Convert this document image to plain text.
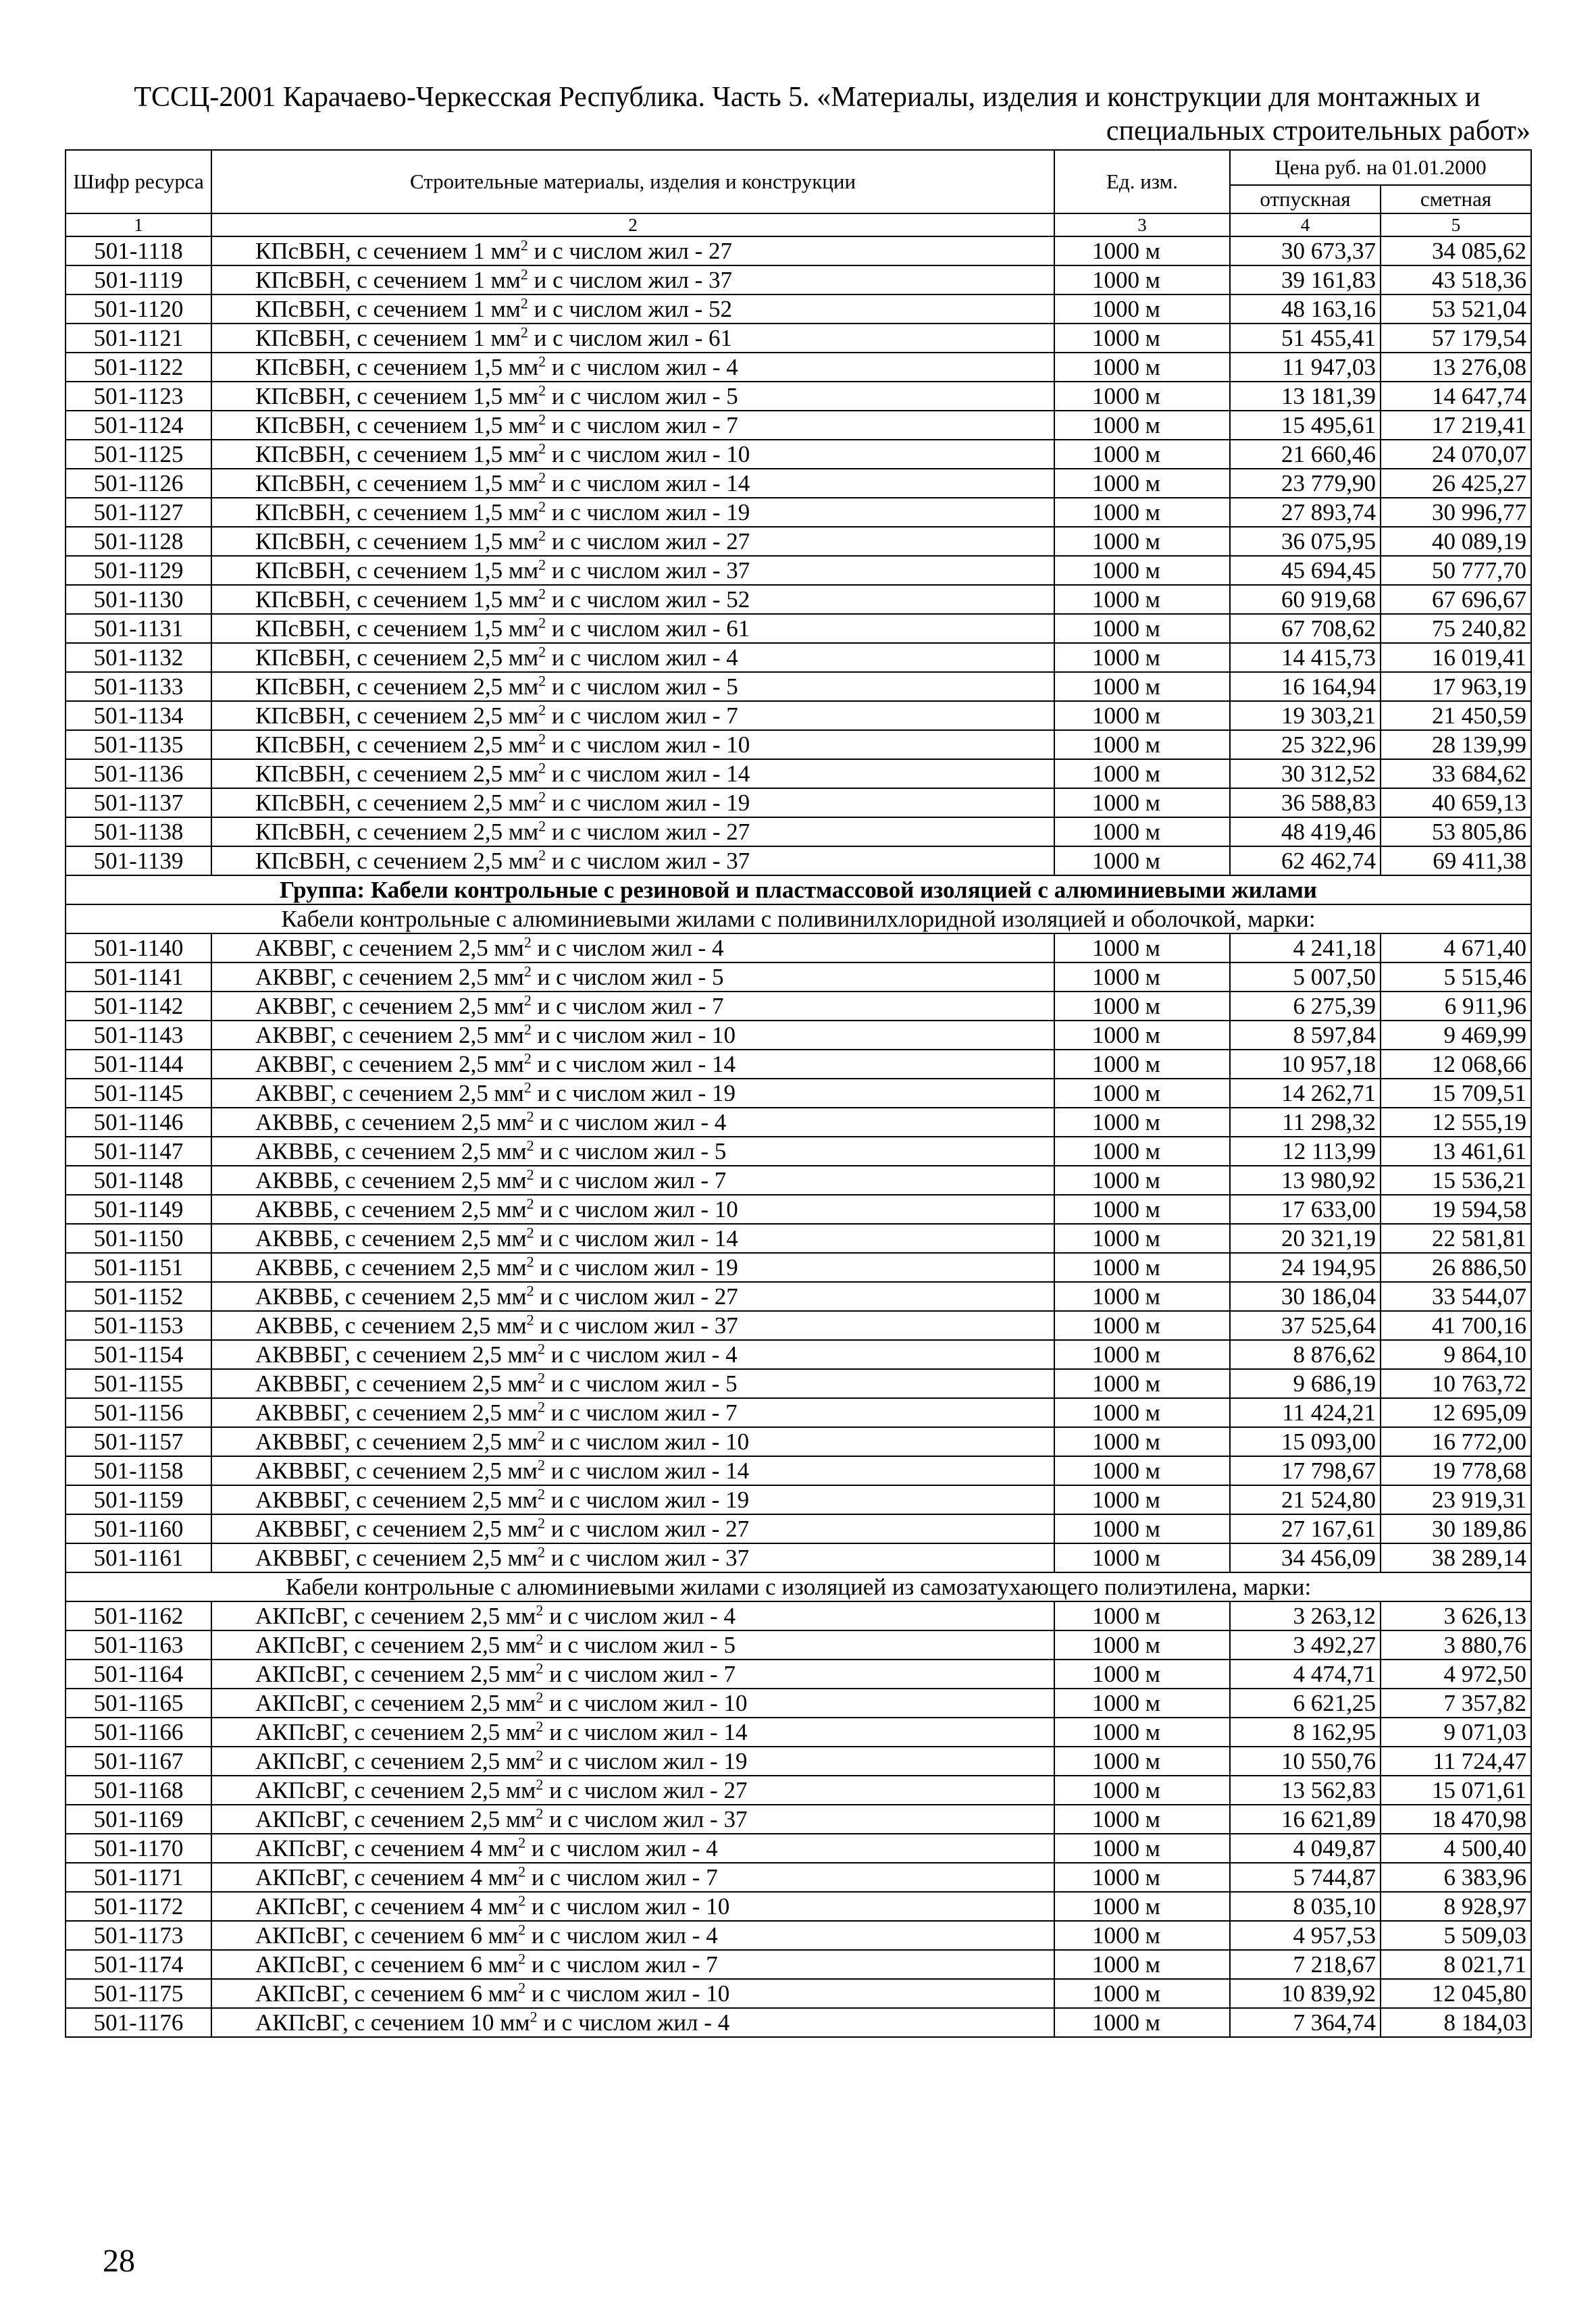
ТССЦ-2001 Карачаево-Черкесская Республика. Часть 5. «Материалы, изделия и конструкции для монтажных и
специальных строительных работ»
Шифр ресурса	Строительные материалы, изделия и конструкции	Ед. изм.	Цена руб. на 01.01.2000	
			отпускная	сметная
1	2	3	4	5
501-1118	КПсВБН, с сечением 1 $мм^2$ и с числом жил - 27	1000 м	30 673,37	34 085,62
501-1119	КПсВБН, с сечением 1 $мм^2$ и с числом жил - 37	1000 м	39 161,83	43 518,36
501-1120	КПсВБН, с сечением 1 $мм^2$ и с числом жил - 52	1000 м	48 163,16	53 521,04
501-1121	КПсВБН, с сечением 1 $мм^2$ и с числом жил - 61	1000 м	51 455,41	57 179,54
501-1122	КПсВБН, с сечением 1,5 $мм^2$ и с числом жил - 4	1000 м	11 947,03	13 276,08
501-1123	КПсВБН, с сечением 1,5 $мм^2$ и с числом жил - 5	1000 м	13 181,39	14 647,74
501-1124	КПсВБН, с сечением 1,5 $мм^2$ и с числом жил - 7	1000 м	15 495,61	17 219,41
501-1125	КПсВБН, с сечением 1,5 $мм^2$ и с числом жил - 10	1000 м	21 660,46	24 070,07
501-1126	КПсВБН, с сечением 1,5 $мм^2$ и с числом жил - 14	1000 м	23 779,90	26 425,27
501-1127	КПсВБН, с сечением 1,5 $мм^2$ и с числом жил - 19	1000 м	27 893,74	30 996,77
501-1128	КПсВБН, с сечением 1,5 $мм^2$ и с числом жил - 27	1000 м	36 075,95	40 089,19
501-1129	КПсВБН, с сечением 1,5 $мм^2$ и с числом жил - 37	1000 м	45 694,45	50 777,70
501-1130	КПсВБН, с сечением 1,5 $мм^2$ и с числом жил - 52	1000 м	60 919,68	67 696,67
501-1131	КПсВБН, с сечением 1,5 $мм^2$ и с числом жил - 61	1000 м	67 708,62	75 240,82
501-1132	КПсВБН, с сечением 2,5 $мм^2$ и с числом жил - 4	1000 м	14 415,73	16 019,41
501-1133	КПсВБН, с сечением 2,5 $мм^2$ и с числом жил - 5	1000 м	16 164,94	17 963,19
501-1134	КПсВБН, с сечением 2,5 $мм^2$ и с числом жил - 7	1000 м	19 303,21	21 450,59
501-1135	КПсВБН, с сечением 2,5 $мм^2$ и с числом жил - 10	1000 м	25 322,96	28 139,99
501-1136	КПсВБН, с сечением 2,5 $мм^2$ и с числом жил - 14	1000 м	30 312,52	33 684,62
501-1137	КПсВБН, с сечением 2,5 $мм^2$ и с числом жил - 19	1000 м	36 588,83	40 659,13
501-1138	КПсВБН, с сечением 2,5 $мм^2$ и с числом жил - 27	1000 м	48 419,46	53 805,86
501-1139	КПсВБН, с сечением 2,5 $мм^2$ и с числом жил - 37	1000 м	62 462,74	69 411,38
Группа: Кабели контрольные с резиновой и пластмассовой изоляцией с алюминиевыми жилами				
Кабели контрольные с алюминиевыми жилами с поливинилхлоридной изоляцией и оболочкой, марки:				
501-1140	АКВВГ, с сечением 2,5 $мм^2$ и с числом жил - 4	1000 м	4 241,18	4 671,40
501-1141	АКВВГ, с сечением 2,5 $мм^2$ и с числом жил - 5	1000 м	5 007,50	5 515,46
501-1142	АКВВГ, с сечением 2,5 $мм^2$ и с числом жил - 7	1000 м	6 275,39	6 911,96
501-1143	АКВВГ, с сечением 2,5 $мм^2$ и с числом жил - 10	1000 м	8 597,84	9 469,99
501-1144	АКВВГ, с сечением 2,5 $мм^2$ и с числом жил - 14	1000 м	10 957,18	12 068,66
501-1145	АКВВГ, с сечением 2,5 $мм^2$ и с числом жил - 19	1000 м	14 262,71	15 709,51
501-1146	АКВВБ, с сечением 2,5 $мм^2$ и с числом жил - 4	1000 м	11 298,32	12 555,19
501-1147	АКВВБ, с сечением 2,5 $мм^2$ и с числом жил - 5	1000 м	12 113,99	13 461,61
501-1148	АКВВБ, с сечением 2,5 $мм^2$ и с числом жил - 7	1000 м	13 980,92	15 536,21
501-1149	АКВВБ, с сечением 2,5 $мм^2$ и с числом жил - 10	1000 м	17 633,00	19 594,58
501-1150	АКВВБ, с сечением 2,5 $мм^2$ и с числом жил - 14	1000 м	20 321,19	22 581,81
501-1151	АКВВБ, с сечением 2,5 $мм^2$ и с числом жил - 19	1000 м	24 194,95	26 886,50
501-1152	АКВВБ, с сечением 2,5 $мм^2$ и с числом жил - 27	1000 м	30 186,04	33 544,07
501-1153	АКВВБ, с сечением 2,5 $мм^2$ и с числом жил - 37	1000 м	37 525,64	41 700,16
501-1154	АКВВБГ, с сечением 2,5 $мм^2$ и с числом жил - 4	1000 м	8 876,62	9 864,10
501-1155	АКВВБГ, с сечением 2,5 $мм^2$ и с числом жил - 5	1000 м	9 686,19	10 763,72
501-1156	АКВВБГ, с сечением 2,5 $мм^2$ и с числом жил - 7	1000 м	11 424,21	12 695,09
501-1157	АКВВБГ, с сечением 2,5 $мм^2$ и с числом жил - 10	1000 м	15 093,00	16 772,00
501-1158	АКВВБГ, с сечением 2,5 $мм^2$ и с числом жил - 14	1000 м	17 798,67	19 778,68
501-1159	АКВВБГ, с сечением 2,5 $мм^2$ и с числом жил - 19	1000 м	21 524,80	23 919,31
501-1160	АКВВБГ, с сечением 2,5 $мм^2$ и с числом жил - 27	1000 м	27 167,61	30 189,86
501-1161	АКВВБГ, с сечением 2,5 $мм^2$ и с числом жил - 37	1000 м	34 456,09	38 289,14
Кабели контрольные с алюминиевыми жилами с изоляцией из самозатухающего полиэтилена, марки:				
501-1162	АКПсВГ, с сечением 2,5 $мм^2$ и с числом жил - 4	1000 м	3 263,12	3 626,13
501-1163	АКПсВГ, с сечением 2,5 $мм^2$ и с числом жил - 5	1000 м	3 492,27	3 880,76
501-1164	АКПсВГ, с сечением 2,5 $мм^2$ и с числом жил - 7	1000 м	4 474,71	4 972,50
501-1165	АКПсВГ, с сечением 2,5 $мм^2$ и с числом жил - 10	1000 м	6 621,25	7 357,82
501-1166	АКПсВГ, с сечением 2,5 $мм^2$ и с числом жил - 14	1000 м	8 162,95	9 071,03
501-1167	АКПсВГ, с сечением 2,5 $мм^2$ и с числом жил - 19	1000 м	10 550,76	11 724,47
501-1168	АКПсВГ, с сечением 2,5 $мм^2$ и с числом жил - 27	1000 м	13 562,83	15 071,61
501-1169	АКПсВГ, с сечением 2,5 $мм^2$ и с числом жил - 37	1000 м	16 621,89	18 470,98
501-1170	АКПсВГ, с сечением 4 $мм^2$ и с числом жил - 4	1000 м	4 049,87	4 500,40
501-1171	АКПсВГ, с сечением 4 $мм^2$ и с числом жил - 7	1000 м	5 744,87	6 383,96
501-1172	АКПсВГ, с сечением 4 $мм^2$ и с числом жил - 10	1000 м	8 035,10	8 928,97
501-1173	АКПсВГ, с сечением 6 $мм^2$ и с числом жил - 4	1000 м	4 957,53	5 509,03
501-1174	АКПсВГ, с сечением 6 $мм^2$ и с числом жил - 7	1000 м	7 218,67	8 021,71
501-1175	АКПсВГ, с сечением 6 $мм^2$ и с числом жил - 10	1000 м	10 839,92	12 045,80
501-1176	АКПсВГ, с сечением 10 $мм^2$ и с числом жил - 4	1000 м	7 364,74	8 184,03
28
